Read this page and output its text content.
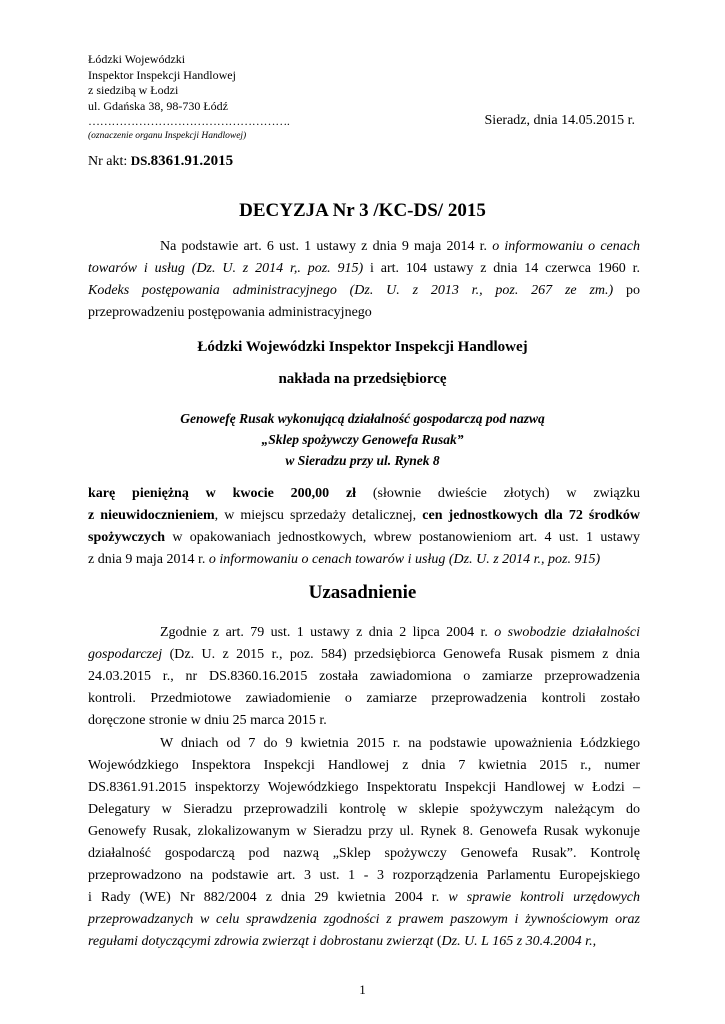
Łódzki Wojewódzki
Inspektor Inspekcji Handlowej
z siedzibą w Łodzi
ul. Gdańska 38, 98-730 Łódź
…………………………………………….
(oznaczenie organu Inspekcji Handlowej)
Sieradz, dnia 14.05.2015 r.
Nr akt: DS.8361.91.2015
DECYZJA Nr 3 /KC-DS/ 2015
Na podstawie art. 6 ust. 1 ustawy z dnia 9 maja 2014 r. o informowaniu o cenach
towarów i usług (Dz. U. z 2014 r,. poz. 915) i art. 104 ustawy z dnia 14 czerwca 1960 r.
Kodeks postępowania administracyjnego (Dz. U. z 2013 r., poz. 267 ze zm.) po
przeprowadzeniu postępowania administracyjnego
Łódzki Wojewódzki Inspektor Inspekcji Handlowej
nakłada na przedsiębiorcę
Genowefę Rusak wykonującą działalność gospodarczą pod nazwą
„Sklep spożywczy Genowefa Rusak”
w Sieradzu przy ul. Rynek 8
karę pieniężną w kwocie 200,00 zł (słownie dwieście złotych) w związku
z nieuwidocznieniem, w miejscu sprzedaży detalicznej, cen jednostkowych dla 72 środków
spożywczych w opakowaniach jednostkowych, wbrew postanowieniom art. 4 ust. 1 ustawy
z dnia 9 maja 2014 r. o informowaniu o cenach towarów i usług (Dz. U. z 2014 r., poz. 915)
Uzasadnienie
Zgodnie z art. 79 ust. 1 ustawy z dnia 2 lipca 2004 r. o swobodzie działalności
gospodarczej (Dz. U. z 2015 r., poz. 584) przedsiębiorca Genowefa Rusak pismem z dnia
24.03.2015 r., nr DS.8360.16.2015 została zawiadomiona o zamiarze przeprowadzenia
kontroli. Przedmiotowe zawiadomienie o zamiarze przeprowadzenia kontroli zostało
doręczone stronie w dniu 25 marca 2015 r.
W dniach od 7 do 9 kwietnia 2015 r. na podstawie upoważnienia Łódzkiego
Wojewódzkiego Inspektora Inspekcji Handlowej z dnia 7 kwietnia 2015 r., numer
DS.8361.91.2015 inspektorzy Wojewódzkiego Inspektoratu Inspekcji Handlowej w Łodzi –
Delegatury w Sieradzu przeprowadzili kontrolę w sklepie spożywczym należącym do
Genowefy Rusak, zlokalizowanym w Sieradzu przy ul. Rynek 8. Genowefa Rusak wykonuje
działalność gospodarczą pod nazwą „Sklep spożywczy Genowefa Rusak”. Kontrolę
przeprowadzono na podstawie art. 3 ust. 1 - 3 rozporządzenia Parlamentu Europejskiego
i Rady (WE) Nr 882/2004 z dnia 29 kwietnia 2004 r. w sprawie kontroli urzędowych
przeprowadzanych w celu sprawdzenia zgodności z prawem paszowym i żywnościowym oraz
regułami dotyczącymi zdrowia zwierząt i dobrostanu zwierząt (Dz. U. L 165 z 30.4.2004 r.,
1
